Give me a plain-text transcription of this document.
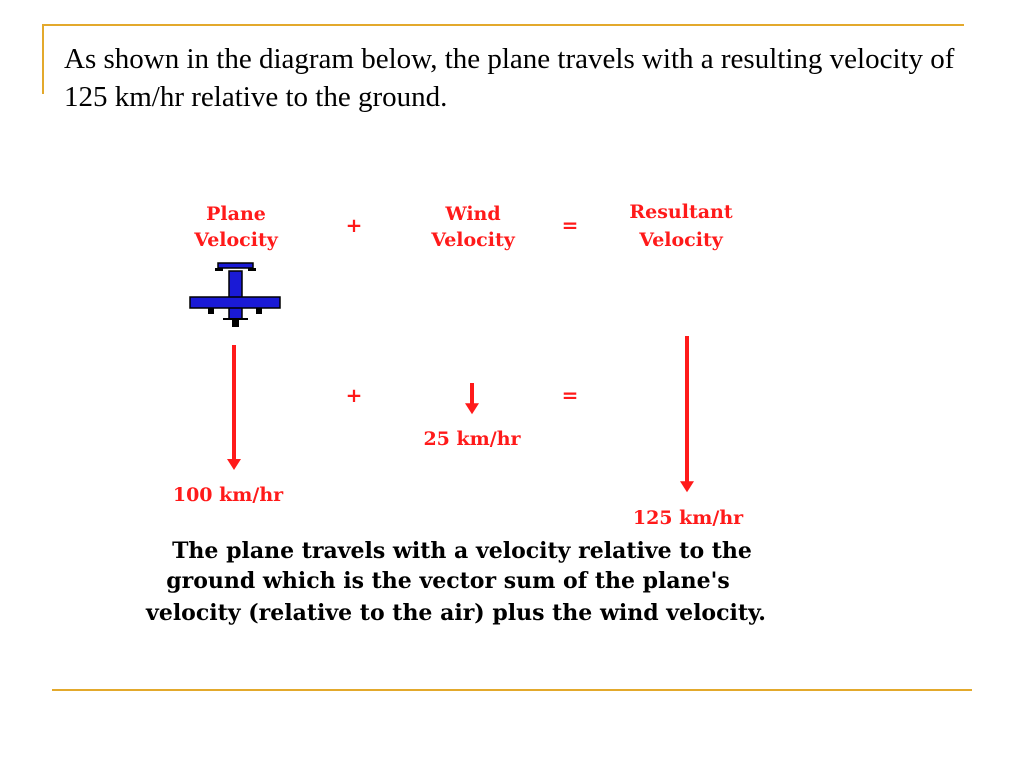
As shown in the diagram below, the plane travels with a resulting velocity of 125 km/hr relative to the ground.

Plane
Velocity
+	Wind
Velocity
=
Resultant
Velocity
+	=
100 km/hr
25 km/hr
125 km/hr
The plane travels with a velocity relative to the
ground which is the vector sum of the plane's
velocity (relative to the air) plus the wind velocity.
